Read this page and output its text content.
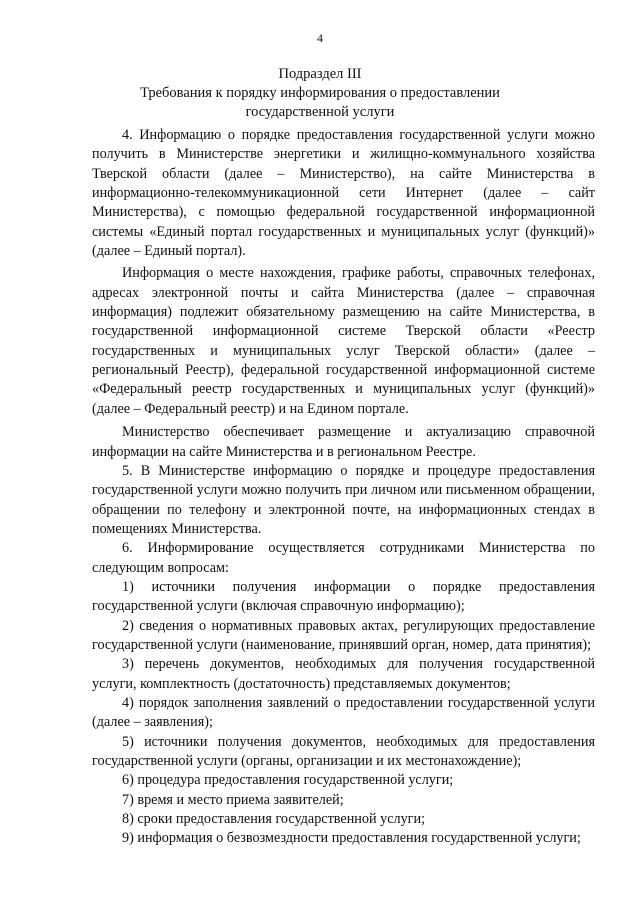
4
Подраздел III
Требования к порядку информирования о предоставлении
государственной услуги

4. Информацию о порядке предоставления государственной услуги можно получить в Министерстве энергетики и жилищно-коммунального хозяйства Тверской области (далее – Министерство), на сайте Министерства в информационно-телекоммуникационной сети Интернет (далее – сайт Министерства), с помощью федеральной государственной информационной системы «Единый портал государственных и муниципальных услуг (функций)» (далее – Единый портал).

Информация о месте нахождения, графике работы, справочных телефонах, адресах электронной почты и сайта Министерства (далее – справочная информация) подлежит обязательному размещению на сайте Министерства, в государственной информационной системе Тверской области «Реестр государственных и муниципальных услуг Тверской области» (далее – региональный Реестр), федеральной государственной информационной системе «Федеральный реестр государственных и муниципальных услуг (функций)» (далее – Федеральный реестр) и на Едином портале.

Министерство обеспечивает размещение и актуализацию справочной информации на сайте Министерства и в региональном Реестре.

5. В Министерстве информацию о порядке и процедуре предоставления государственной услуги можно получить при личном или письменном обращении, обращении по телефону и электронной почте, на информационных стендах в помещениях Министерства.

6. Информирование осуществляется сотрудниками Министерства по следующим вопросам:

1) источники получения информации о порядке предоставления государственной услуги (включая справочную информацию);

2) сведения о нормативных правовых актах, регулирующих предоставление государственной услуги (наименование, принявший орган, номер, дата принятия);

3) перечень документов, необходимых для получения государственной услуги, комплектность (достаточность) представляемых документов;

4) порядок заполнения заявлений о предоставлении государственной услуги (далее – заявления);

5) источники получения документов, необходимых для предоставления государственной услуги (органы, организации и их местонахождение);

6) процедура предоставления государственной услуги;

7) время и место приема заявителей;

8) сроки предоставления государственной услуги;

9) информация о безвозмездности предоставления государственной услуги;
